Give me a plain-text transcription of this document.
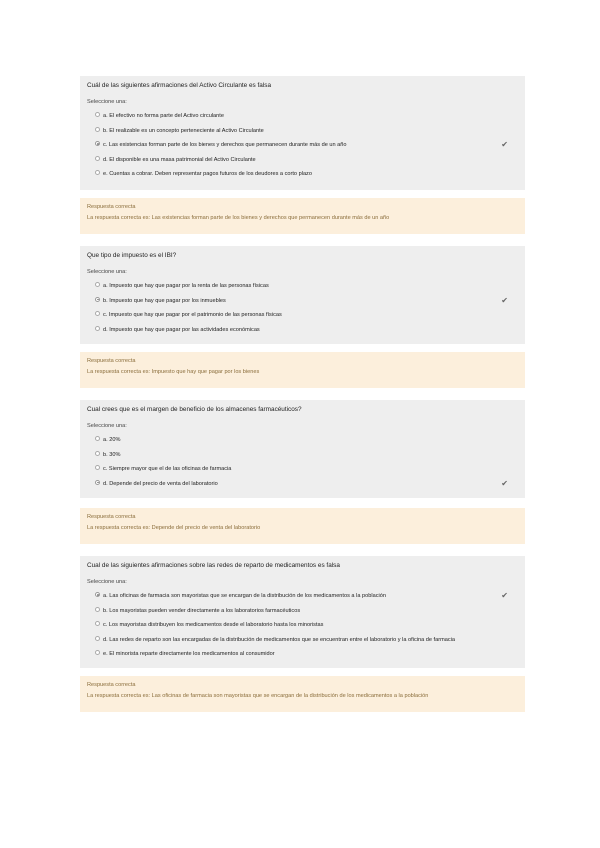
Cuál de las siguientes afirmaciones del Activo Circulante es falsa
Seleccione una:
a. El efectivo no forma parte del Activo circulante
b. El realizable es un concepto perteneciente al Activo Circulante
c. Las existencias forman parte de los bienes y derechos que permanecen durante más de un año	✔
d. El disponible es una masa patrimonial del Activo Circulante
e. Cuentas a cobrar. Deben representar pagos futuros de los deudores a corto plazo
Respuesta correcta
La respuesta correcta es: Las existencias forman parte de los bienes y derechos que permanecen durante más de un año
Que tipo de impuesto es el IBI?
Seleccione una:
a. Impuesto que hay que pagar por la renta de las personas físicas
b. Impuesto que hay que pagar por los inmuebles	✔
c. Impuesto que hay que pagar por el patrimonio de las personas físicas
d. Impuesto que hay que pagar por las actividades económicas
Respuesta correcta
La respuesta correcta es: Impuesto que hay que pagar por los bienes
Cual crees que es el margen de beneficio de los almacenes farmacéuticos?
Seleccione una:
a. 20%
b. 30%
c. Siempre mayor que el de las oficinas de farmacia
d. Depende del precio de venta del laboratorio	✔
Respuesta correcta
La respuesta correcta es: Depende del precio de venta del laboratorio
Cual de las siguientes afirmaciones sobre las redes de reparto de medicamentos es falsa
Seleccione una:
a. Las oficinas de farmacia son mayoristas que se encargan de la distribución de los medicamentos a la población	✔
b. Los mayoristas pueden vender directamente a los laboratorios farmacéuticos
c. Los mayoristas distribuyen los medicamentos desde el laboratorio hasta los minoristas
d. Las redes de reparto son las encargadas de la distribución de medicamentos que se encuentran entre el laboratorio y la oficina de farmacia
e. El minorista reparte directamente los medicamentos al consumidor
Respuesta correcta
La respuesta correcta es: Las oficinas de farmacia son mayoristas que se encargan de la distribución de los medicamentos a la población
